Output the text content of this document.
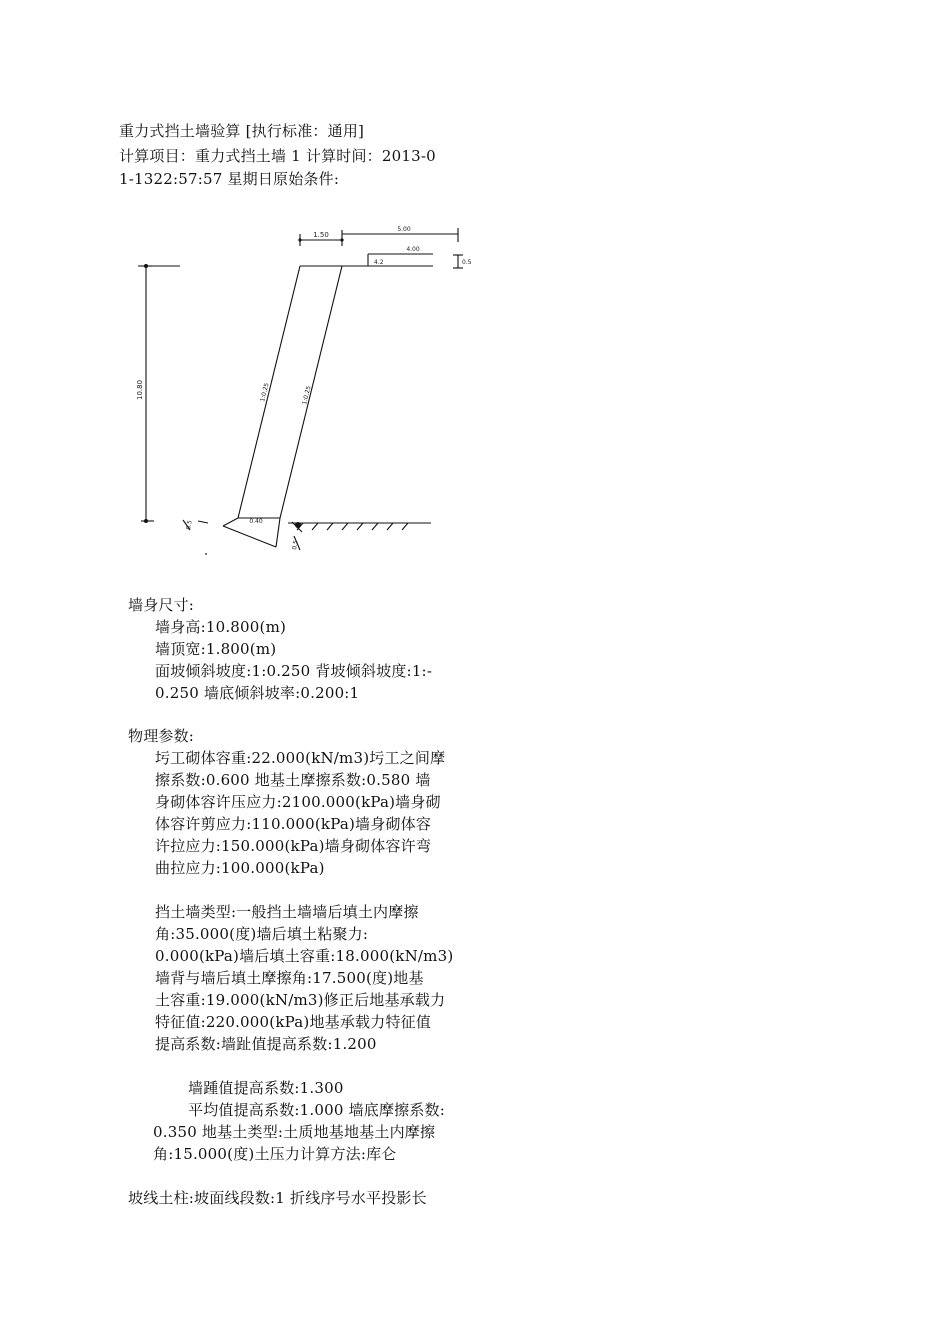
重力式挡土墙验算 [执行标准：通用]
计算项目：重力式挡土墙 1 计算时间：2013-0
1-1322:57:57 星期日原始条件:
1.50
5.00
4.00
0.5
4.2
10.80	1:0.25	1:0.25
0.40
0.5
0.5
墙身尺寸:
墙身高:10.800(m)
墙顶宽:1.800(m)
面坡倾斜坡度:1:0.250 背坡倾斜坡度:1:-
0.250 墙底倾斜坡率:0.200:1
物理参数:
圬工砌体容重:22.000(kN/m3)圬工之间摩
擦系数:0.600 地基土摩擦系数:0.580 墙
身砌体容许压应力:2100.000(kPa)墙身砌
体容许剪应力:110.000(kPa)墙身砌体容
许拉应力:150.000(kPa)墙身砌体容许弯
曲拉应力:100.000(kPa)
挡土墙类型:一般挡土墙墙后填土内摩擦
角:35.000(度)墙后填土粘聚力:
0.000(kPa)墙后填土容重:18.000(kN/m3)
墙背与墙后填土摩擦角:17.500(度)地基
土容重:19.000(kN/m3)修正后地基承载力
特征值:220.000(kPa)地基承载力特征值
提高系数:墙趾值提高系数:1.200
墙踵值提高系数:1.300
平均值提高系数:1.000 墙底摩擦系数:
0.350 地基土类型:土质地基地基土内摩擦
角:15.000(度)土压力计算方法:库仑
坡线土柱:坡面线段数:1 折线序号水平投影长
